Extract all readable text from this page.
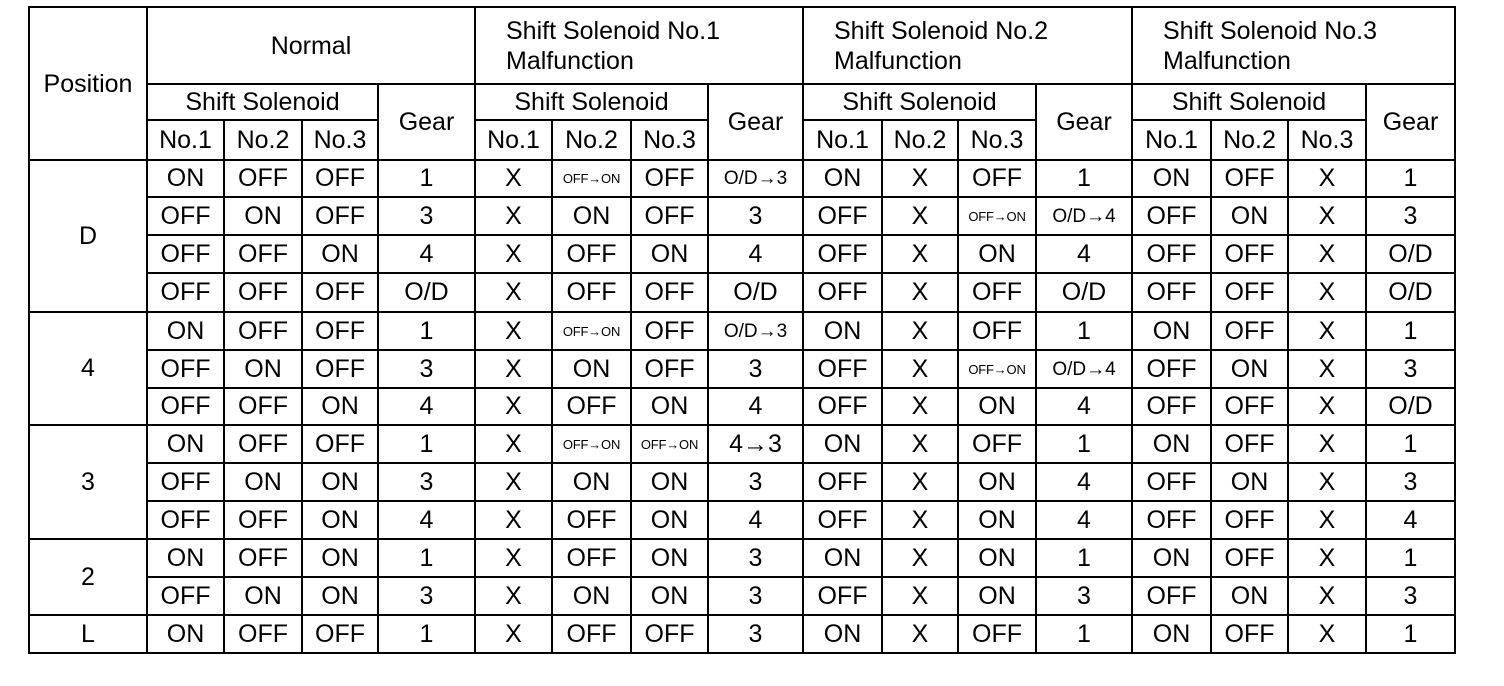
Position	Normal				Shift Solenoid No.1 Malfunction				Shift Solenoid No.2 Malfunction				Shift Solenoid No.3 Malfunction			
	Shift Solenoid			Gear	Shift Solenoid			Gear	Shift Solenoid			Gear	Shift Solenoid			Gear
	No.1	No.2	No.3		No.1	No.2	No.3		No.1	No.2	No.3		No.1	No.2	No.3	
D	ON	OFF	OFF	1	X	OFF→ON	OFF	O/D→3	ON	X	OFF	1	ON	OFF	X	1
	OFF	ON	OFF	3	X	ON	OFF	3	OFF	X	OFF→ON	O/D→4	OFF	ON	X	3
	OFF	OFF	ON	4	X	OFF	ON	4	OFF	X	ON	4	OFF	OFF	X	O/D
	OFF	OFF	OFF	O/D	X	OFF	OFF	O/D	OFF	X	OFF	O/D	OFF	OFF	X	O/D
4	ON	OFF	OFF	1	X	OFF→ON	OFF	O/D→3	ON	X	OFF	1	ON	OFF	X	1
	OFF	ON	OFF	3	X	ON	OFF	3	OFF	X	OFF→ON	O/D→4	OFF	ON	X	3
	OFF	OFF	ON	4	X	OFF	ON	4	OFF	X	ON	4	OFF	OFF	X	O/D
3	ON	OFF	OFF	1	X	OFF→ON	OFF→ON	4→3	ON	X	OFF	1	ON	OFF	X	1
	OFF	ON	ON	3	X	ON	ON	3	OFF	X	ON	4	OFF	ON	X	3
	OFF	OFF	ON	4	X	OFF	ON	4	OFF	X	ON	4	OFF	OFF	X	4
2	ON	OFF	ON	1	X	OFF	ON	3	ON	X	ON	1	ON	OFF	X	1
	OFF	ON	ON	3	X	ON	ON	3	OFF	X	ON	3	OFF	ON	X	3
L	ON	OFF	OFF	1	X	OFF	OFF	3	ON	X	OFF	1	ON	OFF	X	1
